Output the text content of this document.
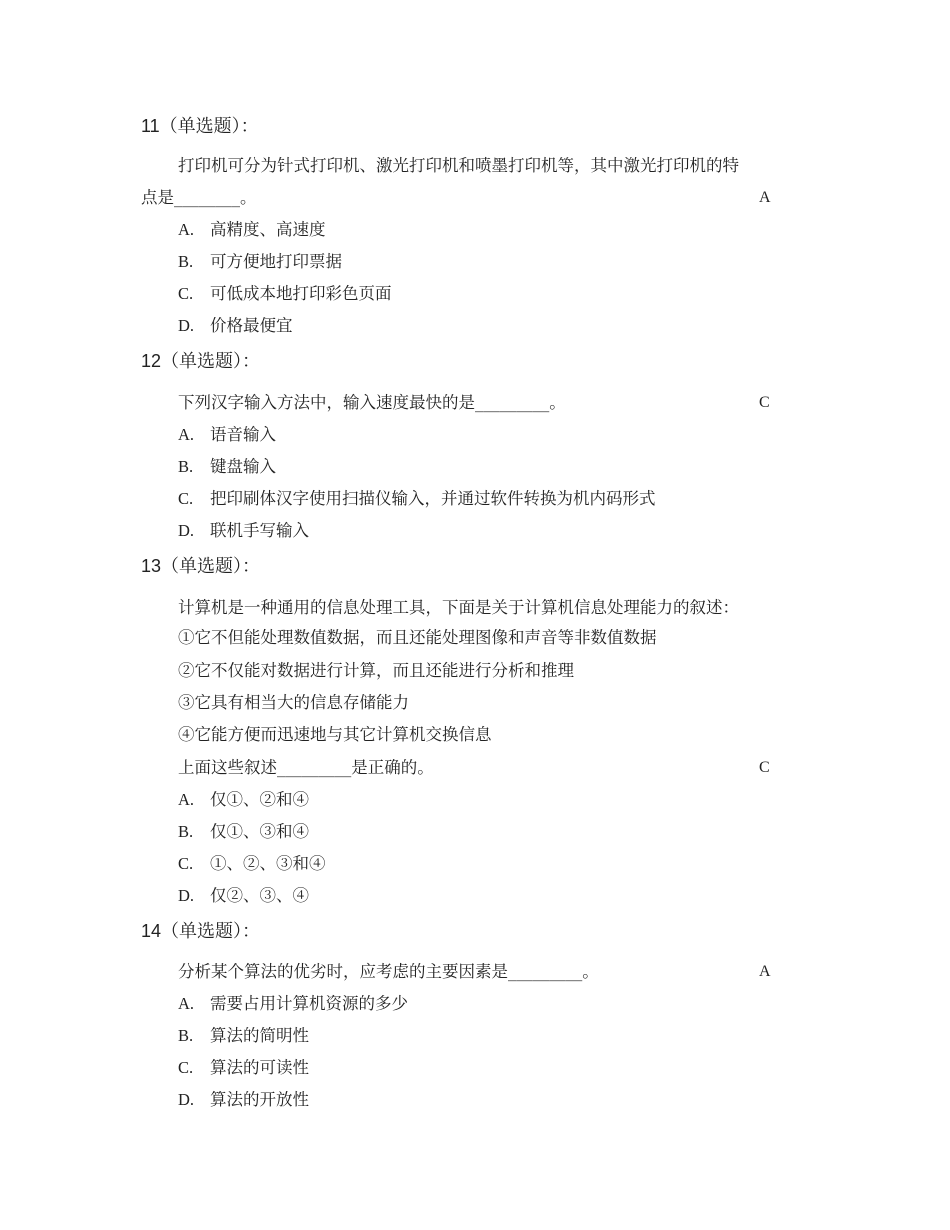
11（单选题）：
打印机可分为针式打印机、激光打印机和喷墨打印机等，其中激光打印机的特
点是________。	A
A. 高精度、高速度
B. 可方便地打印票据
C. 可低成本地打印彩色页面
D. 价格最便宜
12（单选题）：
下列汉字输入方法中，输入速度最快的是_________。	C
A. 语音输入
B. 键盘输入
C. 把印刷体汉字使用扫描仪输入，并通过软件转换为机内码形式
D. 联机手写输入
13（单选题）：
计算机是一种通用的信息处理工具，下面是关于计算机信息处理能力的叙述：
①它不但能处理数值数据，而且还能处理图像和声音等非数值数据
②它不仅能对数据进行计算，而且还能进行分析和推理
③它具有相当大的信息存储能力
④它能方便而迅速地与其它计算机交换信息
上面这些叙述_________是正确的。	C
A. 仅①、②和④
B. 仅①、③和④
C. ①、②、③和④
D. 仅②、③、④
14（单选题）：
分析某个算法的优劣时，应考虑的主要因素是_________。	A
A. 需要占用计算机资源的多少
B. 算法的简明性
C. 算法的可读性
D. 算法的开放性
